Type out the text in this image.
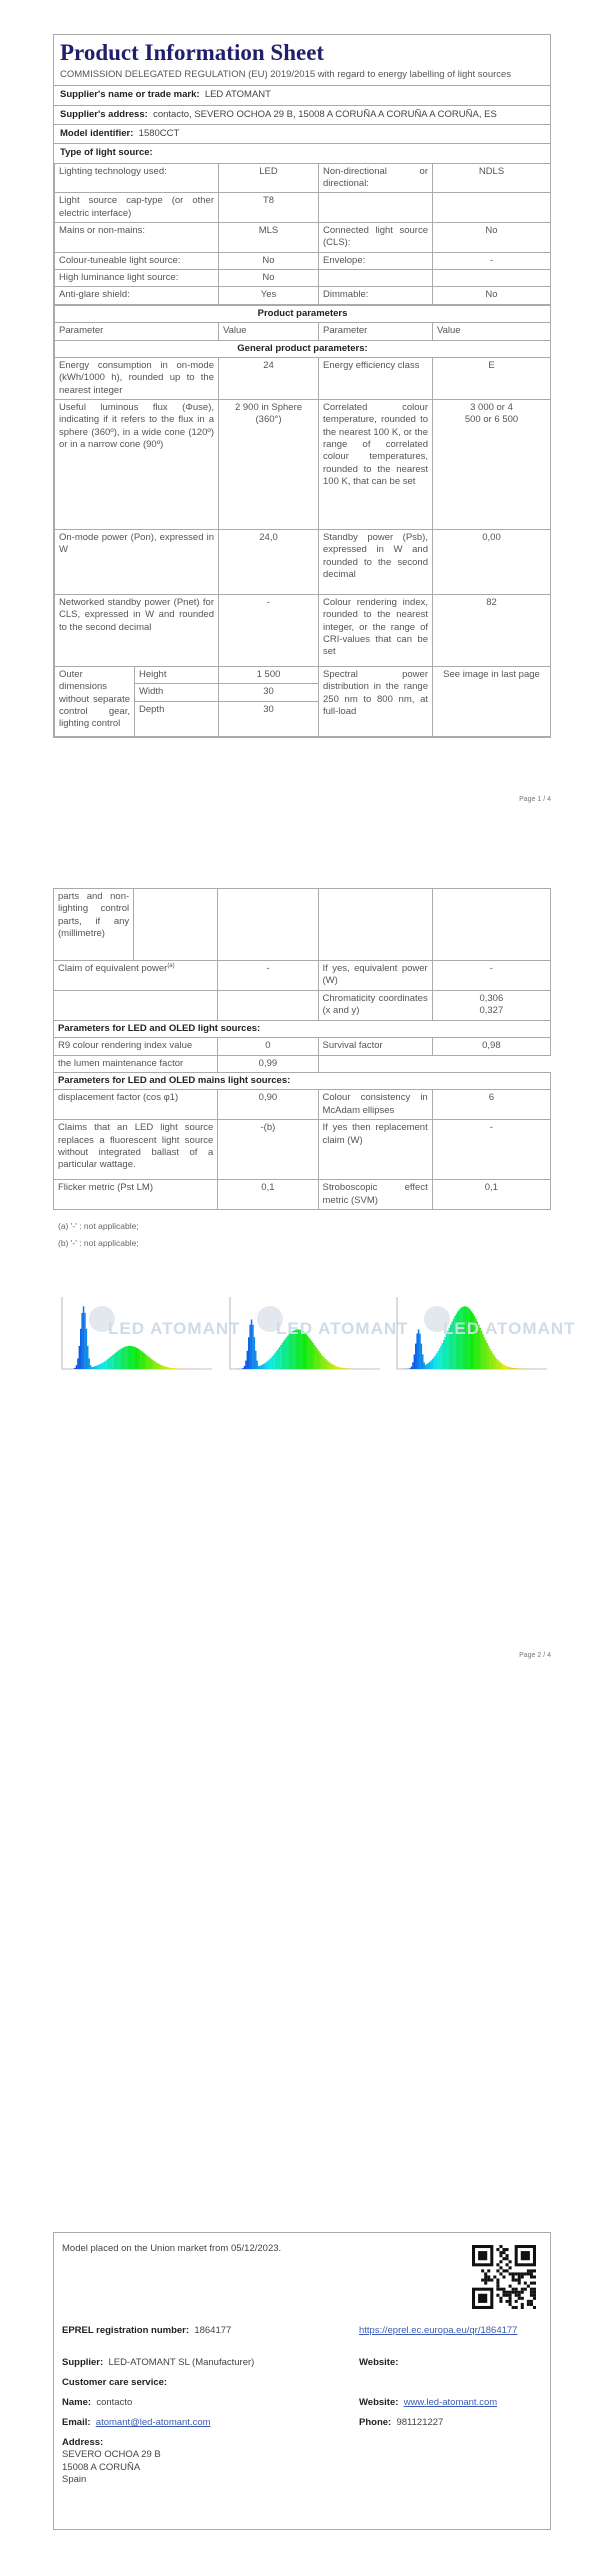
Product Information Sheet
COMMISSION DELEGATED REGULATION (EU) 2019/2015 with regard to energy labelling of light sources
Supplier's name or trade mark: LED ATOMANT
Supplier's address: contacto, SEVERO OCHOA 29 B, 15008 A CORUÑA A CORUÑA A CORUÑA, ES
Model identifier: 1580CCT
Type of light source:
Lighting technology used:	LED	Non-directional or directional:	NDLS
Light source cap-type (or other electric interface)	T8		
Mains or non-mains:	MLS	Connected light source (CLS):	No
Colour-tuneable light source:	No	Envelope:	-
High luminance light source:	No		
Anti-glare shield:	Yes	Dimmable:	No
Product parameters				
Parameter		Value	Parameter	Value
General product parameters:				
Energy consumption in on-mode (kWh/1000 h), rounded up to the nearest integer		24	Energy efficiency class	E
Useful luminous flux (Φuse), indicating if it refers to the flux in a sphere (360º), in a wide cone (120º) or in a narrow cone (90º)		2 900 in Sphere (360°)	Correlated colour temperature, rounded to the nearest 100 K, or the range of correlated colour temperatures, rounded to the nearest 100 K, that can be set	3 000 or 4
500 or 6 500

On-mode power (Pon), expressed in W		24,0	Standby power (Psb), expressed in W and rounded to the second decimal	0,00
Networked standby power (Pnet) for CLS, expressed in W and rounded to the second decimal		-	Colour rendering index, rounded to the nearest integer, or the range of CRI-values that can be set	82
Outer dimensions without separate control gear, lighting control	Height	1 500	Spectral power distribution in the range 250 nm to 800 nm, at full-load	See image in last page
	Width	30		
	Depth	30		
Page 1 / 4
parts and non-lighting control parts, if any (millimetre)				
Claim of equivalent power$^{(a)}$		-	If yes, equivalent power (W)	-
			Chromaticity coordinates (x and y)	0,306
0,327

Parameters for LED and OLED light sources:				
R9 colour rendering index value		0	Survival factor	0,98
the lumen maintenance factor		0,99		
Parameters for LED and OLED mains light sources:				
displacement factor (cos φ1)		0,90	Colour consistency in McAdam ellipses	6
Claims that an LED light source replaces a fluorescent light source without integrated ballast of a particular wattage.		-(b)	If yes then replacement claim (W)	-
Flicker metric (Pst LM)		0,1	Stroboscopic effect metric (SVM)	0,1
(a) '-' : not applicable;
(b) '-' : not applicable;
Page 2 / 4
LED ATOMANT LED ATOMANT LED ATOMANT
Model placed on the Union market from 05/12/2023.
EPREL registration number: 1864177
Supplier: LED-ATOMANT SL (Manufacturer)
Customer care service:
Name: contacto
Email: atomant@led-atomant.com
Address:
SEVERO OCHOA 29 B
15008 A CORUÑA
Spain
https://eprel.ec.europa.eu/qr/1864177
Website:
Website: www.led-atomant.com
Phone: 981121227
